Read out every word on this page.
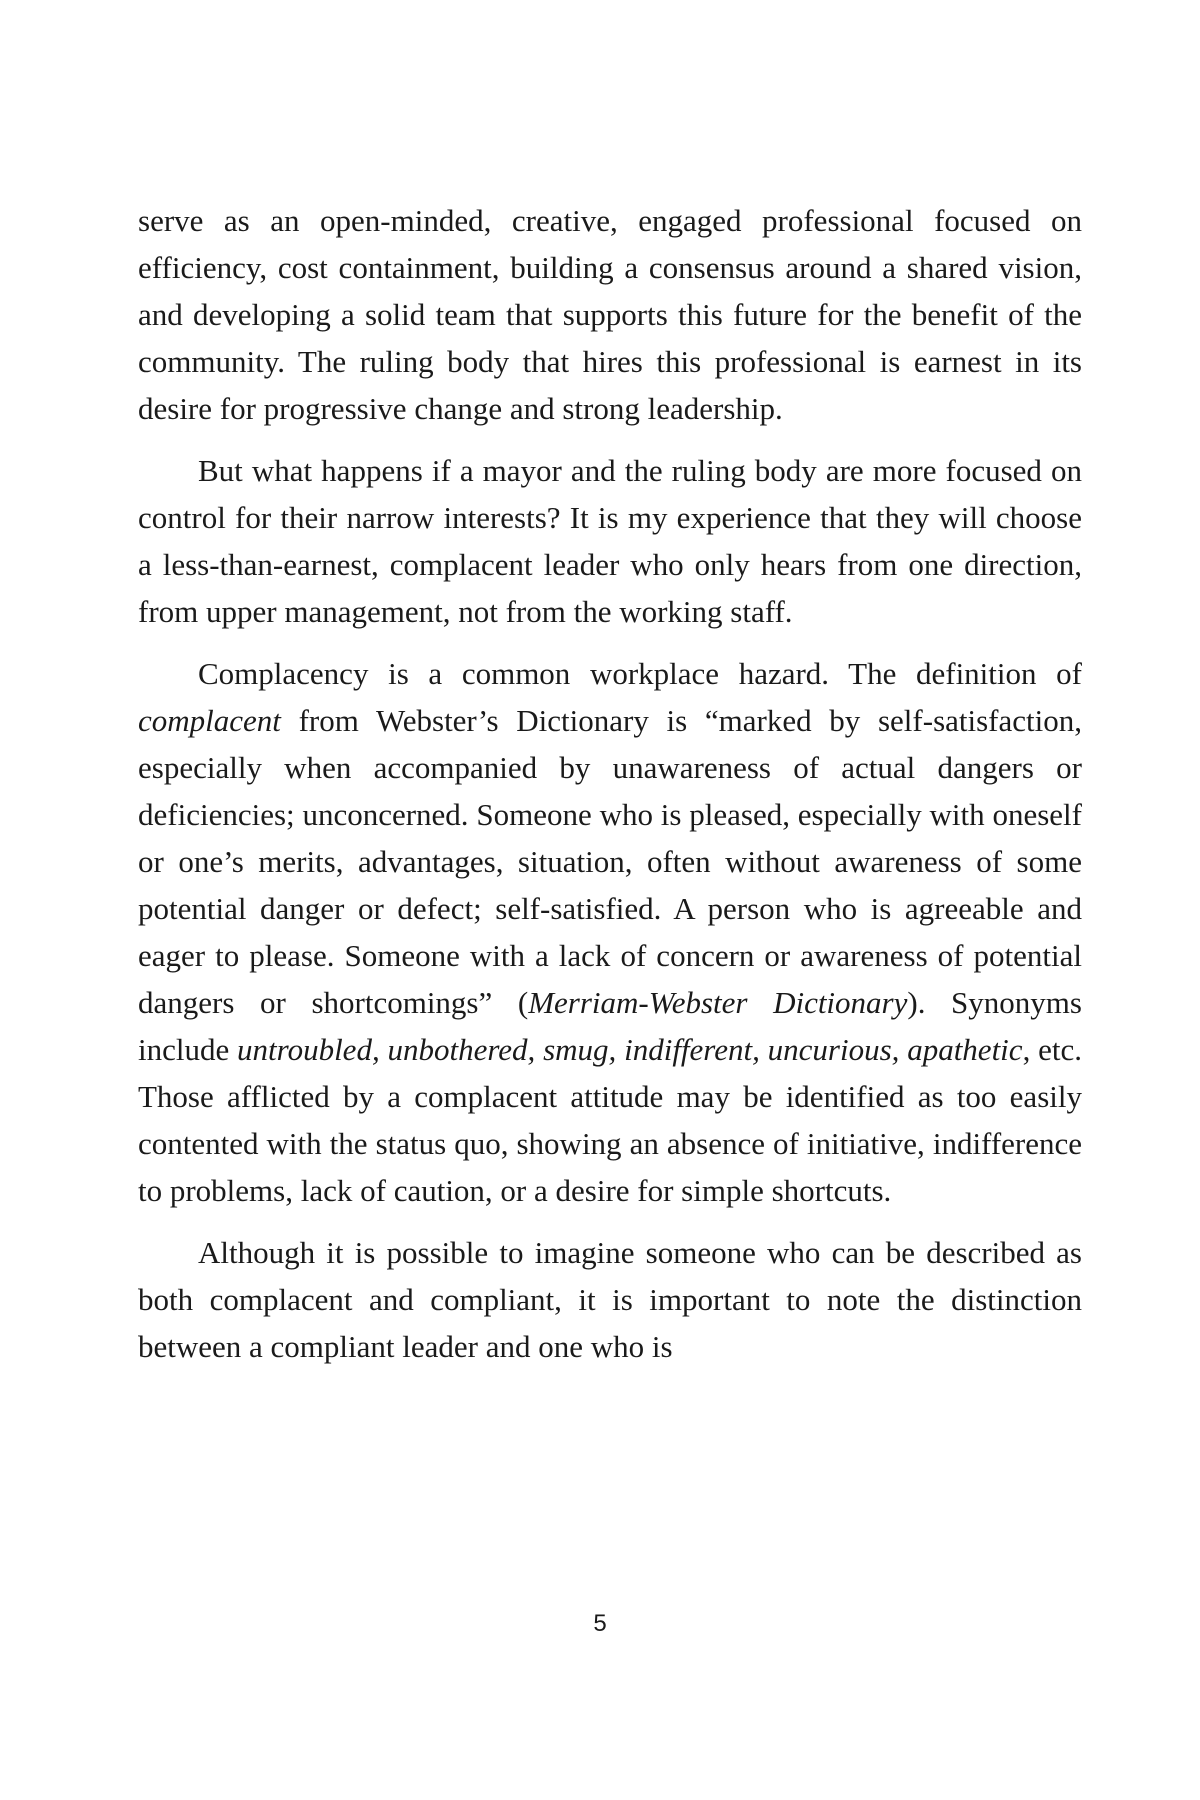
serve as an open-minded, creative, engaged professional focused on efficiency, cost containment, building a consensus around a shared vision, and developing a solid team that supports this future for the benefit of the community. The ruling body that hires this professional is earnest in its desire for progressive change and strong leadership.

But what happens if a mayor and the ruling body are more focused on control for their narrow interests? It is my experience that they will choose a less-than-earnest, complacent leader who only hears from one direction, from upper management, not from the working staff.

Complacency is a common workplace hazard. The definition of complacent from Webster’s Dictionary is “marked by self-satisfaction, especially when accompanied by unawareness of actual dangers or deficiencies; unconcerned. Someone who is pleased, especially with oneself or one’s merits, advantages, situation, often without awareness of some potential danger or defect; self-satisfied. A person who is agreeable and eager to please. Someone with a lack of concern or awareness of potential dangers or shortcomings” (Merriam-Webster Dictionary). Synonyms include untroubled, unbothered, smug, indifferent, uncurious, apathetic, etc. Those afflicted by a complacent attitude may be identified as too easily contented with the status quo, showing an absence of initiative, indifference to problems, lack of caution, or a desire for simple shortcuts.

Although it is possible to imagine someone who can be described as both complacent and compliant, it is important to note the distinction between a compliant leader and one who is

5
